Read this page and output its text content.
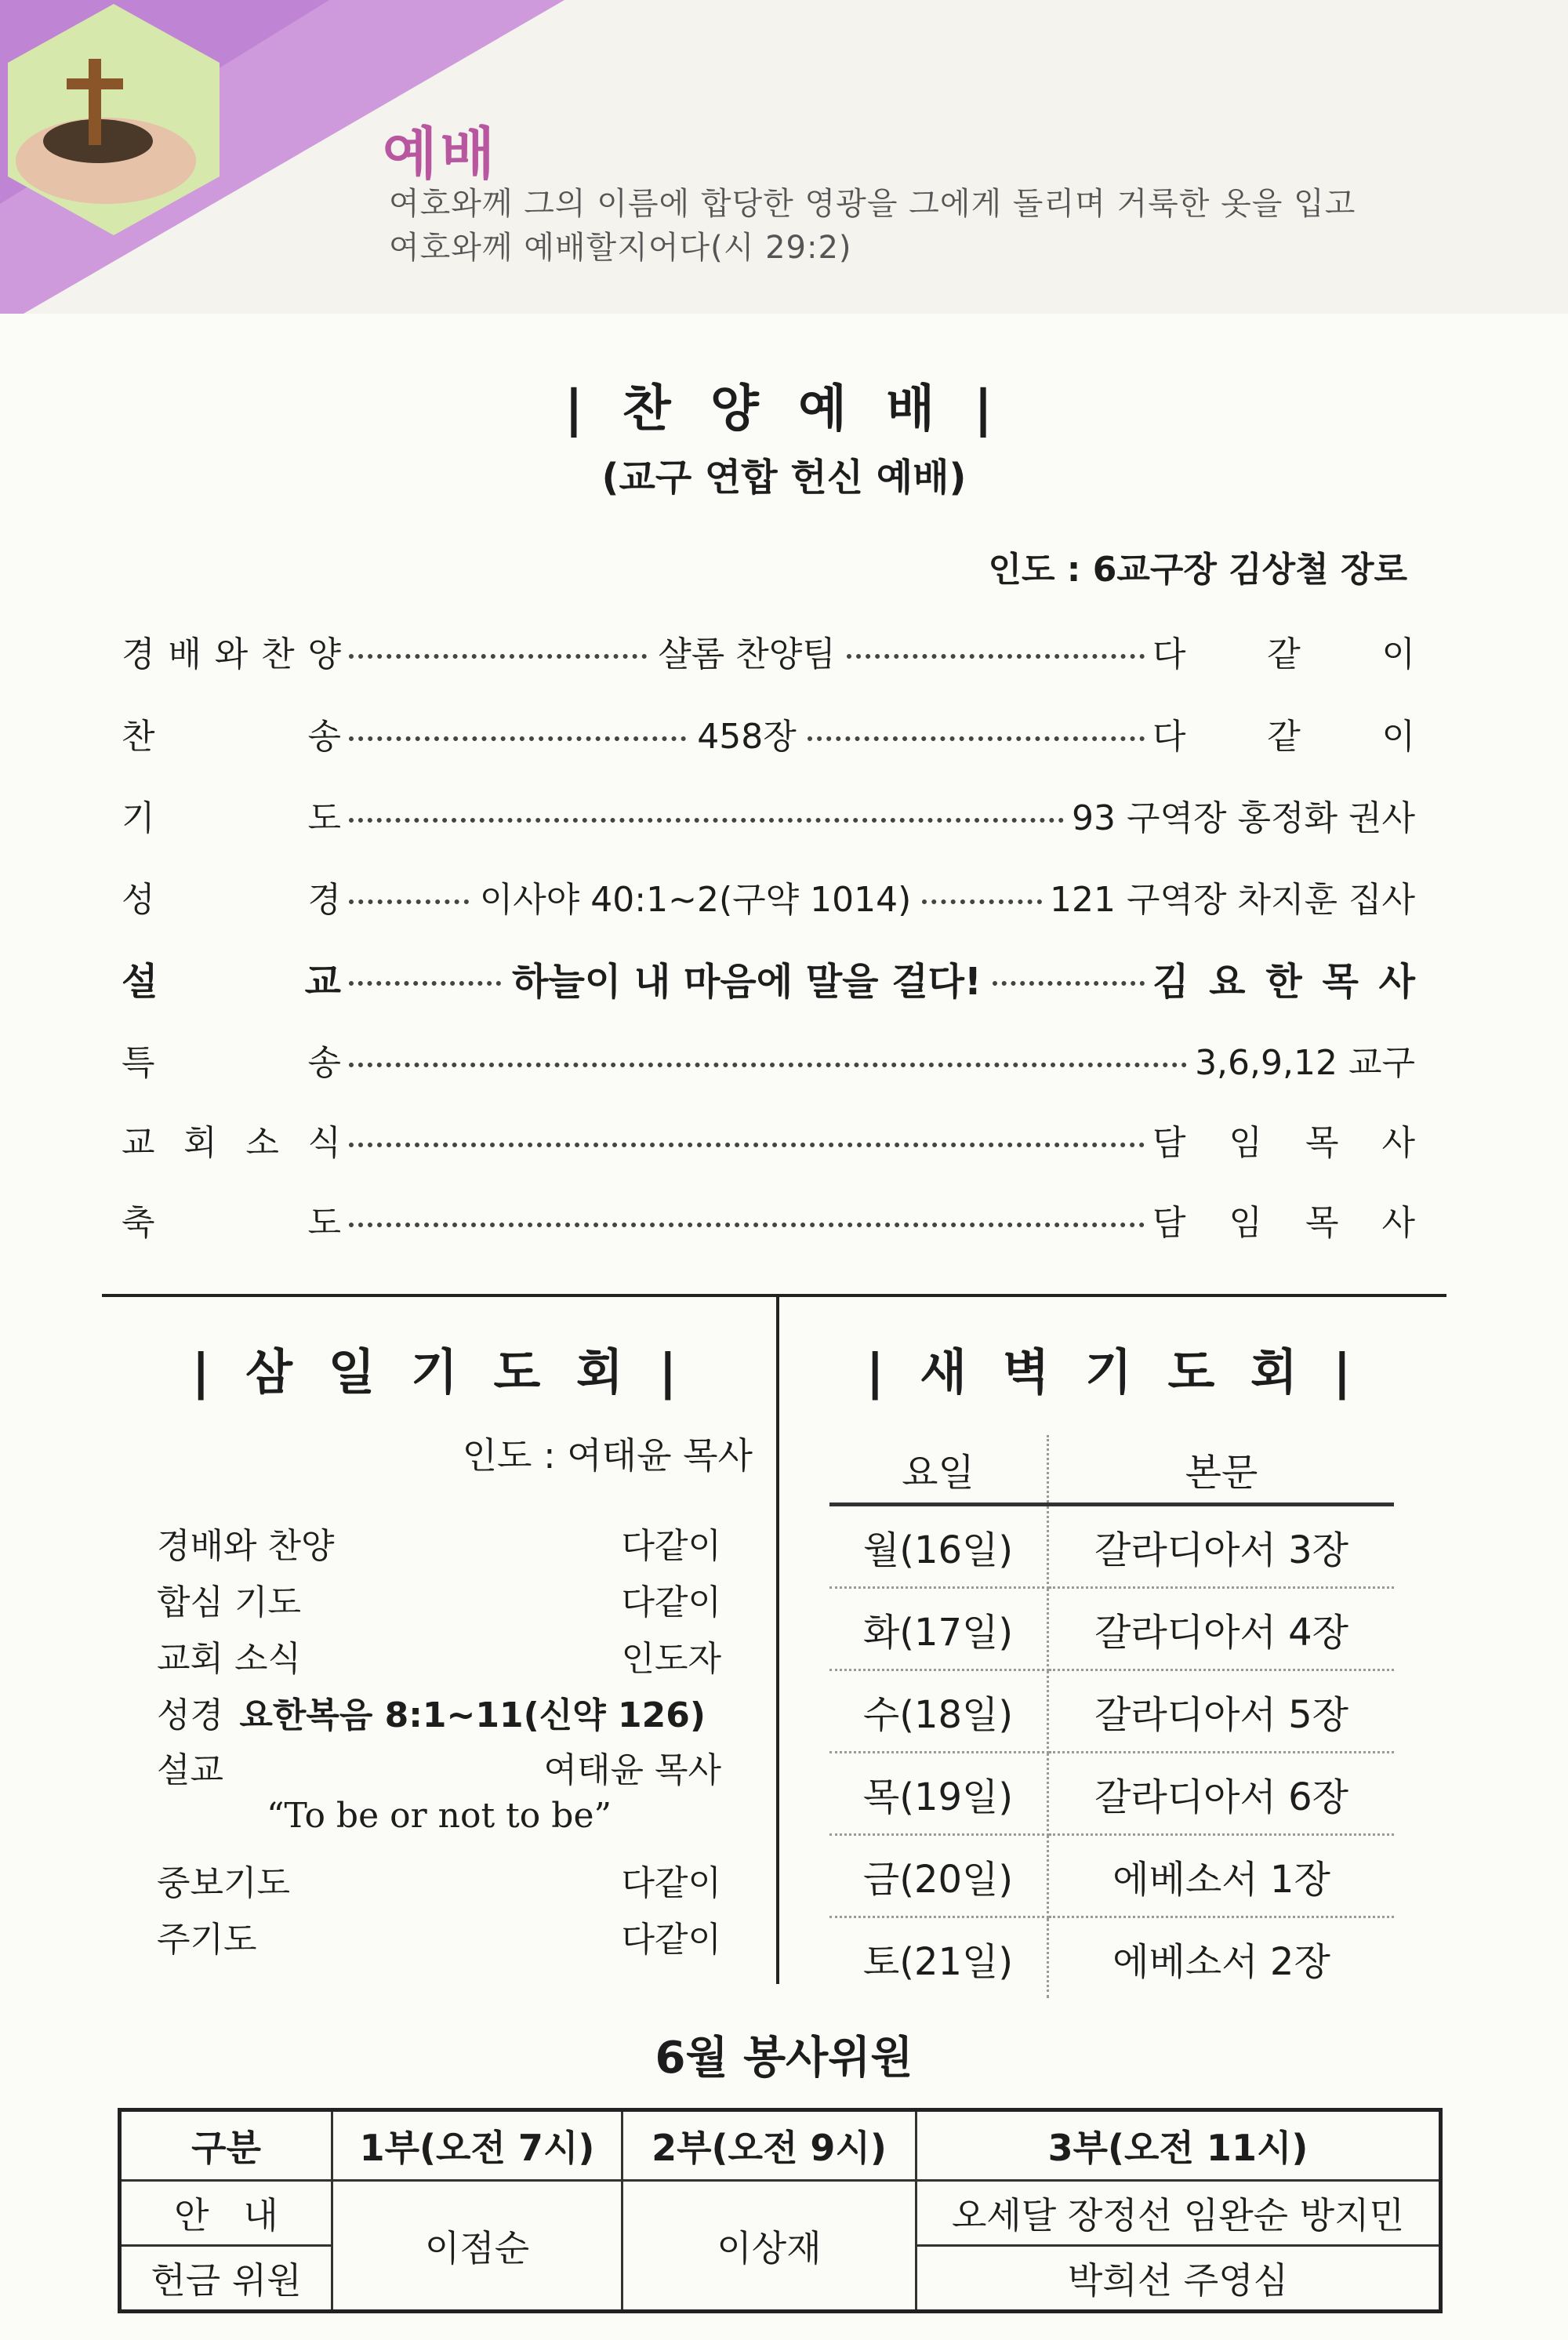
예배
여호와께 그의 이름에 합당한 영광을 그에게 돌리며 거룩한 옷을 입고
여호와께 예배할지어다(시 29:2)
| 찬 양 예 배 |
(교구 연합 헌신 예배)
인도 : 6교구장 김상철 장로
경 배 와 찬 양	샬롬 찬양팀	다 같 이
찬	송	458장	다 같 이
기	도	93 구역장 홍정화 권사
성	경	이사야 40:1~2(구약 1014)	121 구역장 차지훈 집사
설	교	하늘이 내 마음에 말을 걸다!	김 요 한 목 사
특	송	3,6,9,12 교구
교 회 소 식	담 임 목 사
축	도	담 임 목 사
| 삼 일 기 도 회 |
인도 : 여태윤 목사
경배와 찬양	다같이
합심 기도	다같이
교회 소식	인도자
성경 요한복음 8:1~11(신약 126)
설교	여태윤 목사
“To be or not to be”
중보기도	다같이
주기도	다같이
| 새 벽 기 도 회 |
요일	본문
월(16일)	갈라디아서 3장
화(17일)	갈라디아서 4장
수(18일)	갈라디아서 5장
목(19일)	갈라디아서 6장
금(20일)	에베소서 1장
토(21일)	에베소서 2장
6월 봉사위원
구분	1부(오전 7시)	2부(오전 9시)	3부(오전 11시)
안   내	이점순	이상재	오세달 장정선 임완순 방지민
헌금 위원			박희선 주영심
